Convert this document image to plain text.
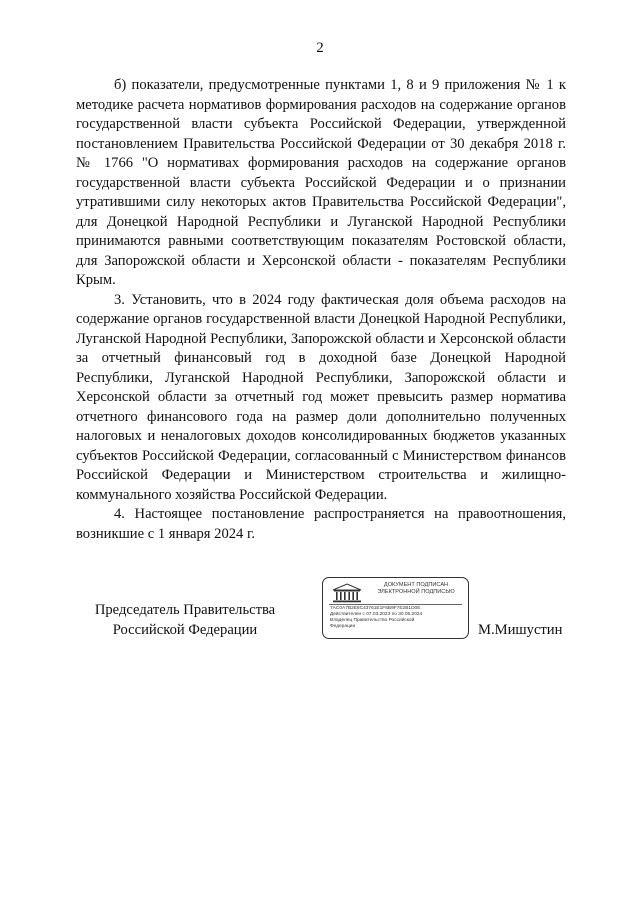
2

б) показатели, предусмотренные пунктами 1, 8 и 9 приложения № 1 к методике расчета нормативов формирования расходов на содержание органов государственной власти субъекта Российской Федерации, утвержденной постановлением Правительства Российской Федерации от 30 декабря 2018 г. № 1766 "О нормативах формирования расходов на содержание органов государственной власти субъекта Российской Федерации и о признании утратившими силу некоторых актов Правительства Российской Федерации", для Донецкой Народной Республики и Луганской Народной Республики принимаются равными соответствующим показателям Ростовской области, для Запорожской области и Херсонской области - показателям Республики Крым.

3. Установить, что в 2024 году фактическая доля объема расходов на содержание органов государственной власти Донецкой Народной Республики, Луганской Народной Республики, Запорожской области и Херсонской области за отчетный финансовый год в доходной базе Донецкой Народной Республики, Луганской Народной Республики, Запорожской области и Херсонской области за отчетный год может превысить размер норматива отчетного финансового года на размер доли дополнительно полученных налоговых и неналоговых доходов консолидированных бюджетов указанных субъектов Российской Федерации, согласованный с Министерством финансов Российской Федерации и Министерством строительства и жилищно-коммунального хозяйства Российской Федерации.

4. Настоящее постановление распространяется на правоотношения, возникшие с 1 января 2024 г.

Председатель Правительства
Российской Федерации
ДОКУМЕНТ ПОДПИСАН
ЭЛЕКТРОННОЙ ПОДПИСЬЮ
7AC0A7B2E8C43761E1F6B9F7E2B1D0E
Действителен с 07.03.2023 по 30.05.2024
Владелец Правительство Российской
Федерации	М.Мишустин
